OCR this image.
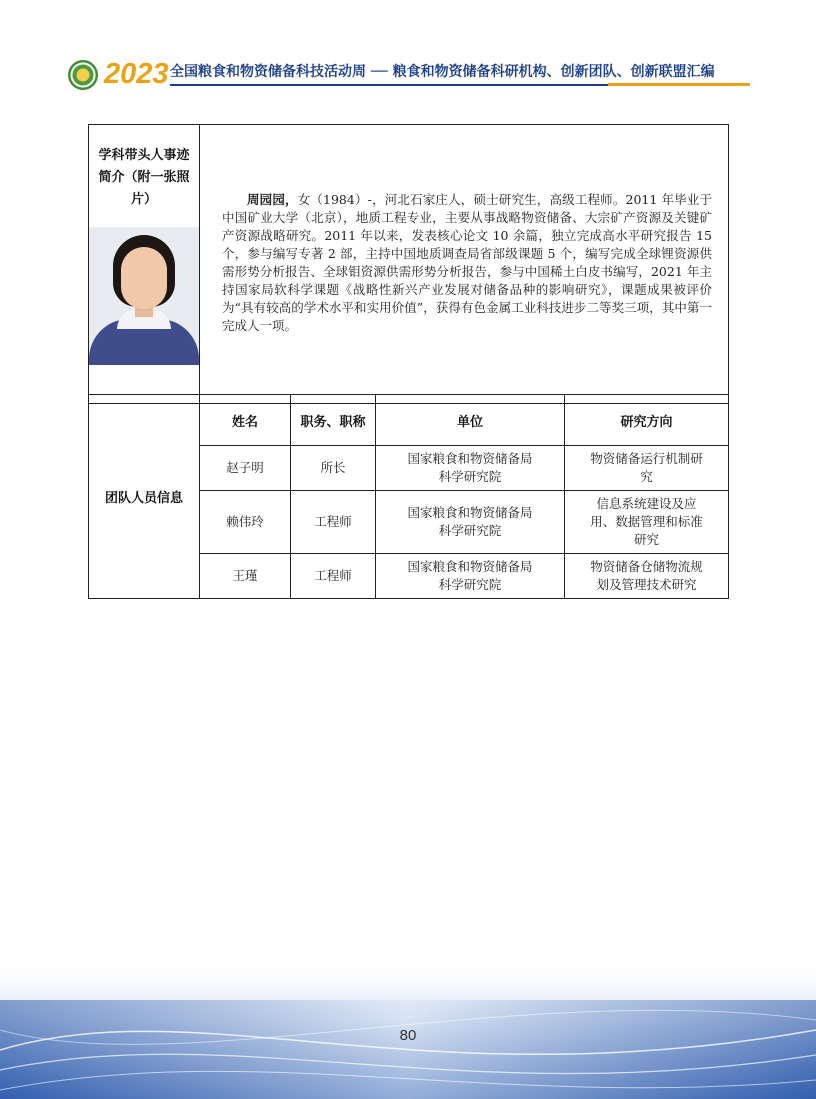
2023 全国粮食和物资储备科技活动周 ── 粮食和物资储备科研机构、创新团队、创新联盟汇编
学科带头人事迹简介（附一张照片）	周园园，女（1984）-，河北石家庄人，硕士研究生，高级工程师。2011 年毕业于中国矿业大学（北京），地质工程专业，主要从事战略物资储备、大宗矿产资源及关键矿产资源战略研究。2011 年以来，发表核心论文 10 余篇，独立完成高水平研究报告 15 个，参与编写专著 2 部，主持中国地质调查局省部级课题 5 个，编写完成全球锂资源供需形势分析报告、全球钼资源供需形势分析报告，参与中国稀土白皮书编写，2021 年主持国家局软科学课题《战略性新兴产业发展对储备品种的影响研究》，课题成果被评价为“具有较高的学术水平和实用价值”，获得有色金属工业科技进步二等奖三项，其中第一完成人一项。
团队人员信息	姓名	职务、职称	单位	研究方向
	赵子明	所长	国家粮食和物资储备局科学研究院	物资储备运行机制研究
	赖伟玲	工程师	国家粮食和物资储备局科学研究院	信息系统建设及应用、数据管理和标准研究
	王瑾	工程师	国家粮食和物资储备局科学研究院	物资储备仓储物流规划及管理技术研究
80
